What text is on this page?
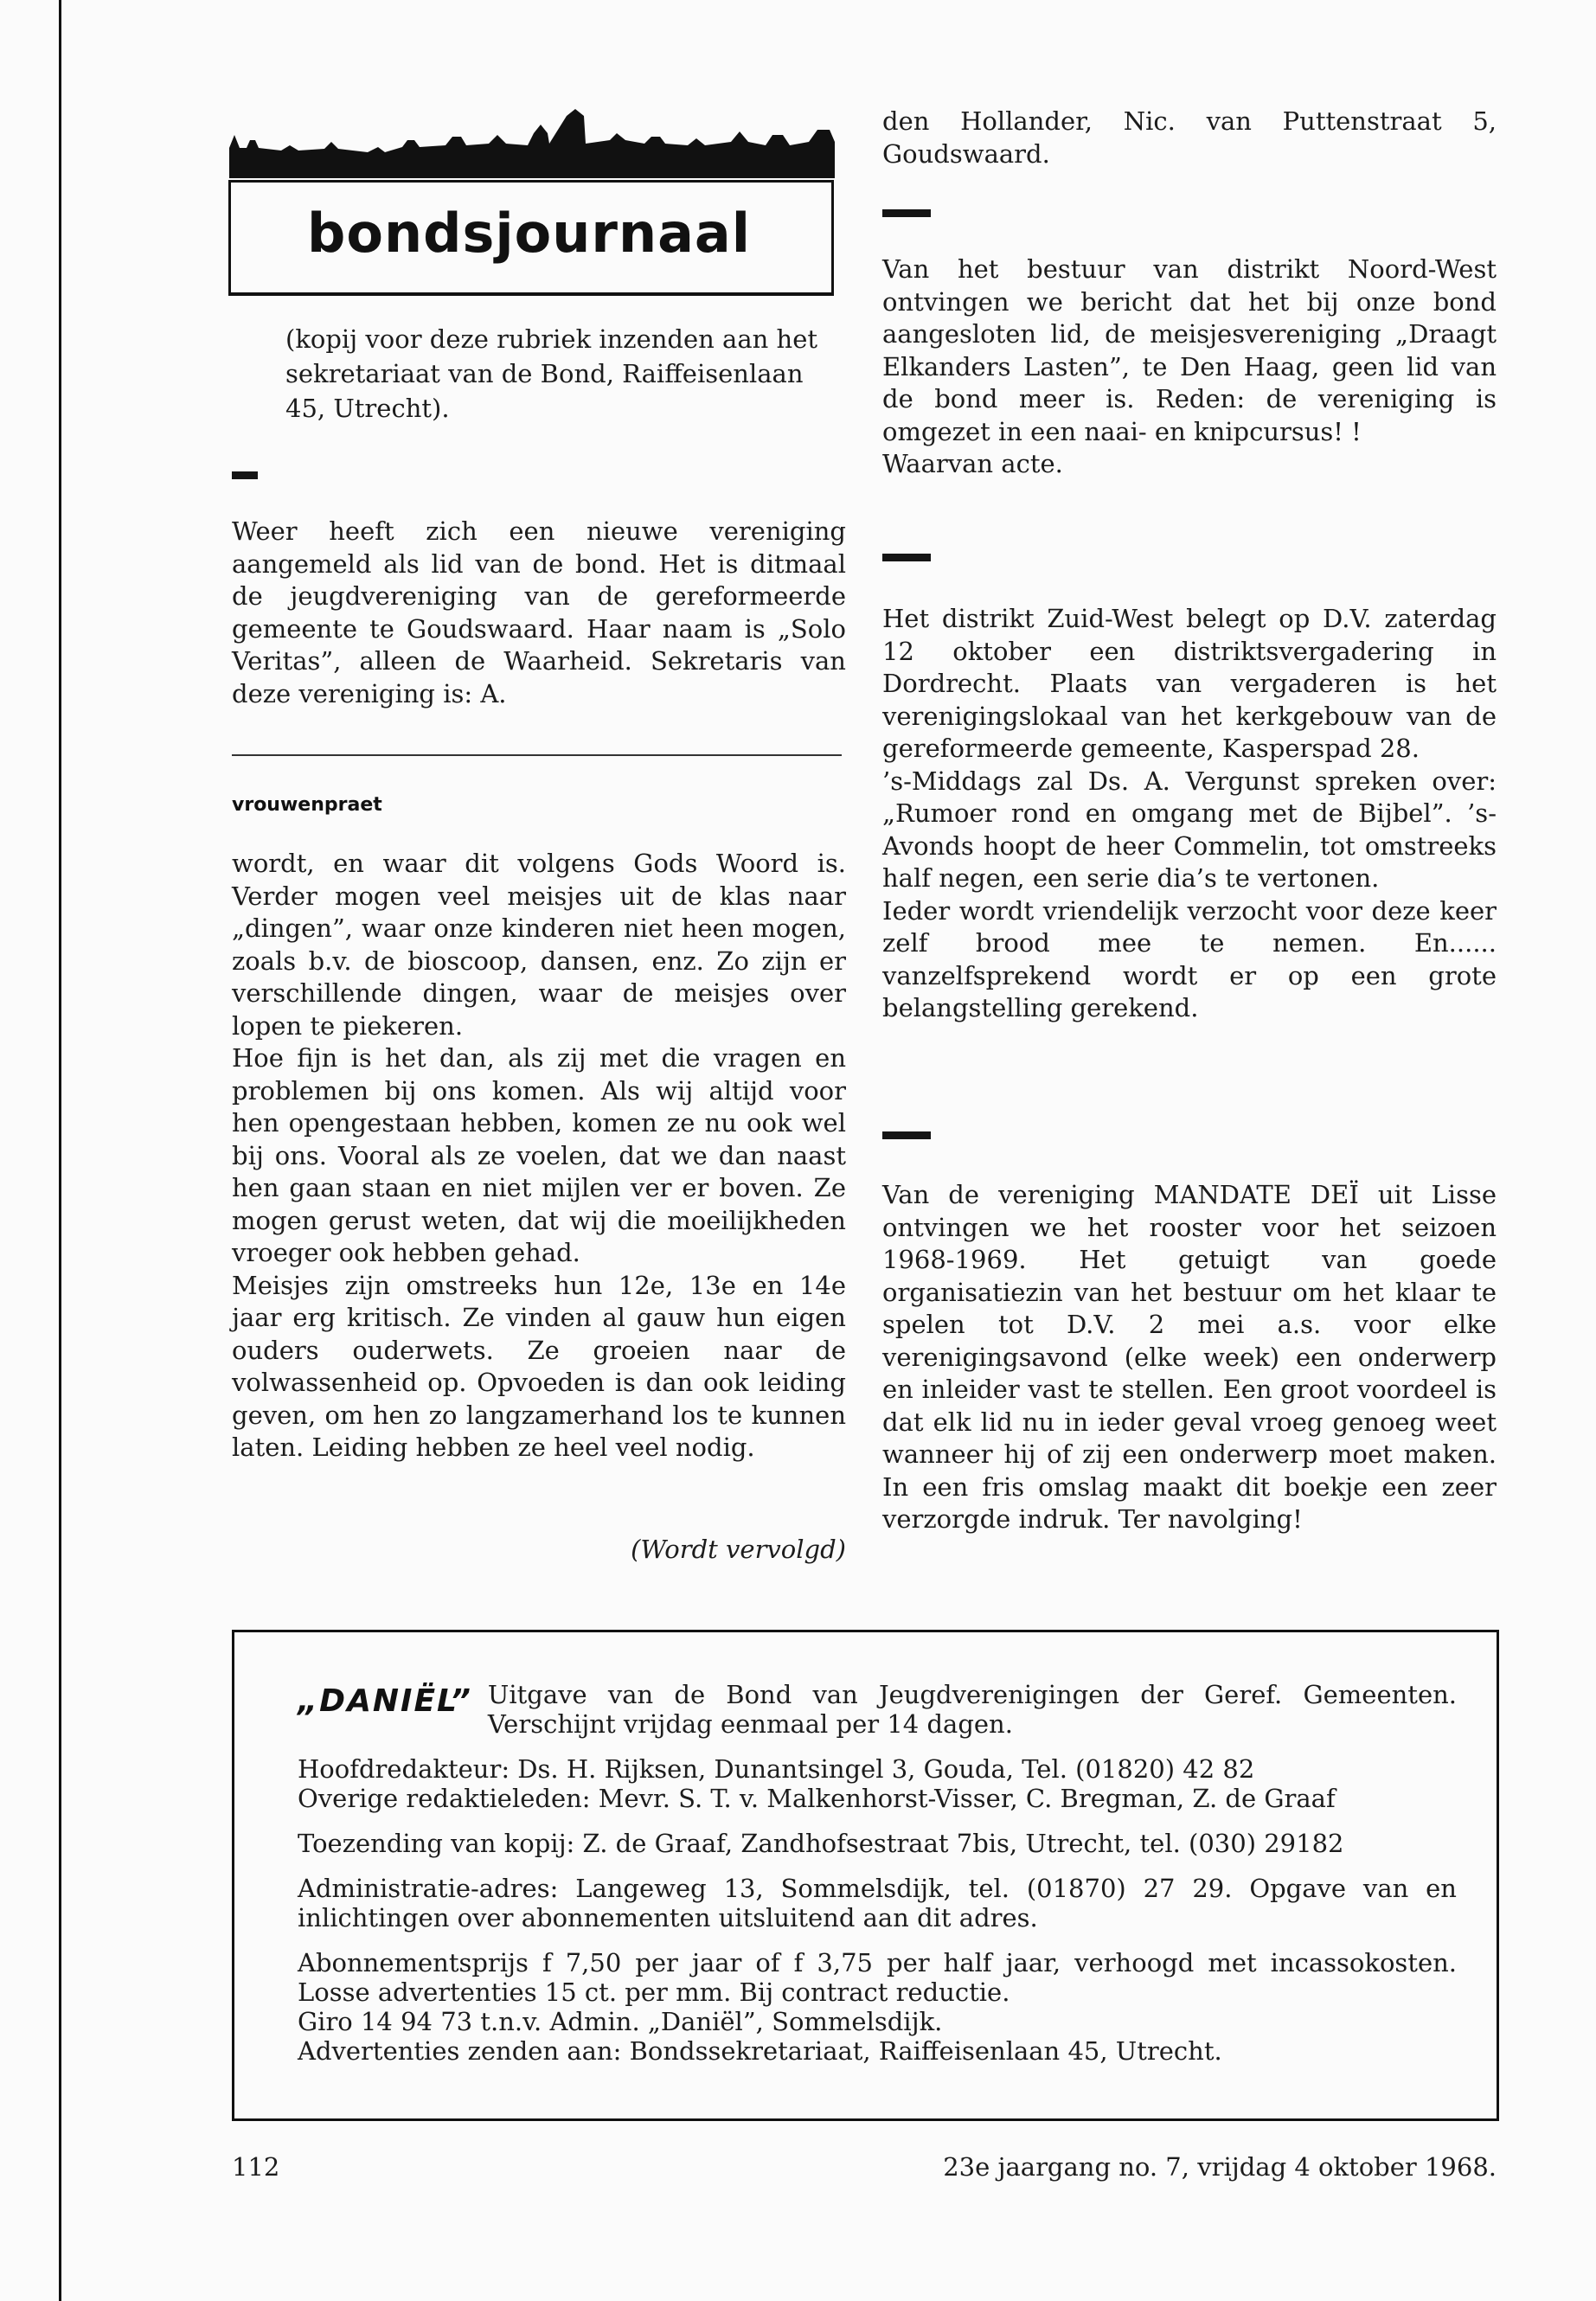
bondsjournaal

(kopij voor deze rubriek inzenden aan het sekretariaat van de Bond, Raiffeisenlaan 45, Utrecht).

Weer heeft zich een nieuwe vereniging aangemeld als lid van de bond. Het is ditmaal de jeugdvereniging van de gereformeerde gemeente te Goudswaard. Haar naam is „Solo Veritas”, alleen de Waarheid. Sekretaris van deze vereniging is: A.

vrouwenpraet

wordt, en waar dit volgens Gods Woord is. Verder mogen veel meisjes uit de klas naar „dingen”, waar onze kinderen niet heen mogen, zoals b.v. de bioscoop, dansen, enz. Zo zijn er verschillende dingen, waar de meisjes over lopen te piekeren.

Hoe fijn is het dan, als zij met die vragen en problemen bij ons komen. Als wij altijd voor hen opengestaan hebben, komen ze nu ook wel bij ons. Vooral als ze voelen, dat we dan naast hen gaan staan en niet mijlen ver er boven. Ze mogen gerust weten, dat wij die moeilijkheden vroeger ook hebben gehad.

Meisjes zijn omstreeks hun 12e, 13e en 14e jaar erg kritisch. Ze vinden al gauw hun eigen ouders ouderwets. Ze groeien naar de volwassenheid op. Opvoeden is dan ook leiding geven, om hen zo langzamerhand los te kunnen laten. Leiding hebben ze heel veel nodig.

(Wordt vervolgd)

den Hollander, Nic. van Puttenstraat 5, Goudswaard.

Van het bestuur van distrikt Noord-West ontvingen we bericht dat het bij onze bond aangesloten lid, de meisjesvereniging „Draagt Elkanders Lasten”, te Den Haag, geen lid van de bond meer is. Reden: de vereniging is omgezet in een naai- en knipcursus! !

Waarvan acte.

Het distrikt Zuid-West belegt op D.V. zaterdag 12 oktober een distriktsvergadering in Dordrecht. Plaats van vergaderen is het verenigingslokaal van het kerkgebouw van de gereformeerde gemeente, Kasperspad 28.

’s-Middags zal Ds. A. Vergunst spreken over: „Rumoer rond en omgang met de Bijbel”. ’s-Avonds hoopt de heer Commelin, tot omstreeks half negen, een serie dia’s te vertonen.

Ieder wordt vriendelijk verzocht voor deze keer zelf brood mee te nemen. En...... vanzelfsprekend wordt er op een grote belangstelling gerekend.

Van de vereniging MANDATE DEÏ uit Lisse ontvingen we het rooster voor het seizoen 1968-1969. Het getuigt van goede organisatiezin van het bestuur om het klaar te spelen tot D.V. 2 mei a.s. voor elke verenigingsavond (elke week) een onderwerp en inleider vast te stellen. Een groot voordeel is dat elk lid nu in ieder geval vroeg genoeg weet wanneer hij of zij een onderwerp moet maken. In een fris omslag maakt dit boekje een zeer verzorgde indruk. Ter navolging!

„DANIËL” Uitgave van de Bond van Jeugdverenigingen der Geref. Gemeenten. Verschijnt vrijdag eenmaal per 14 dagen.

Hoofdredakteur: Ds. H. Rijksen, Dunantsingel 3, Gouda, Tel. (01820) 42 82

Overige redaktieleden: Mevr. S. T. v. Malkenhorst-Visser, C. Bregman, Z. de Graaf

Toezending van kopij: Z. de Graaf, Zandhofsestraat 7bis, Utrecht, tel. (030) 29182

Administratie-adres: Langeweg 13, Sommelsdijk, tel. (01870) 27 29. Opgave van en inlichtingen over abonnementen uitsluitend aan dit adres.

Abonnementsprijs f 7,50 per jaar of f 3,75 per half jaar, verhoogd met incassokosten. Losse advertenties 15 ct. per mm. Bij contract reductie.

Giro 14 94 73 t.n.v. Admin. „Daniël”, Sommelsdijk.

Advertenties zenden aan: Bondssekretariaat, Raiffeisenlaan 45, Utrecht.

112	23e jaargang no. 7, vrijdag 4 oktober 1968.
